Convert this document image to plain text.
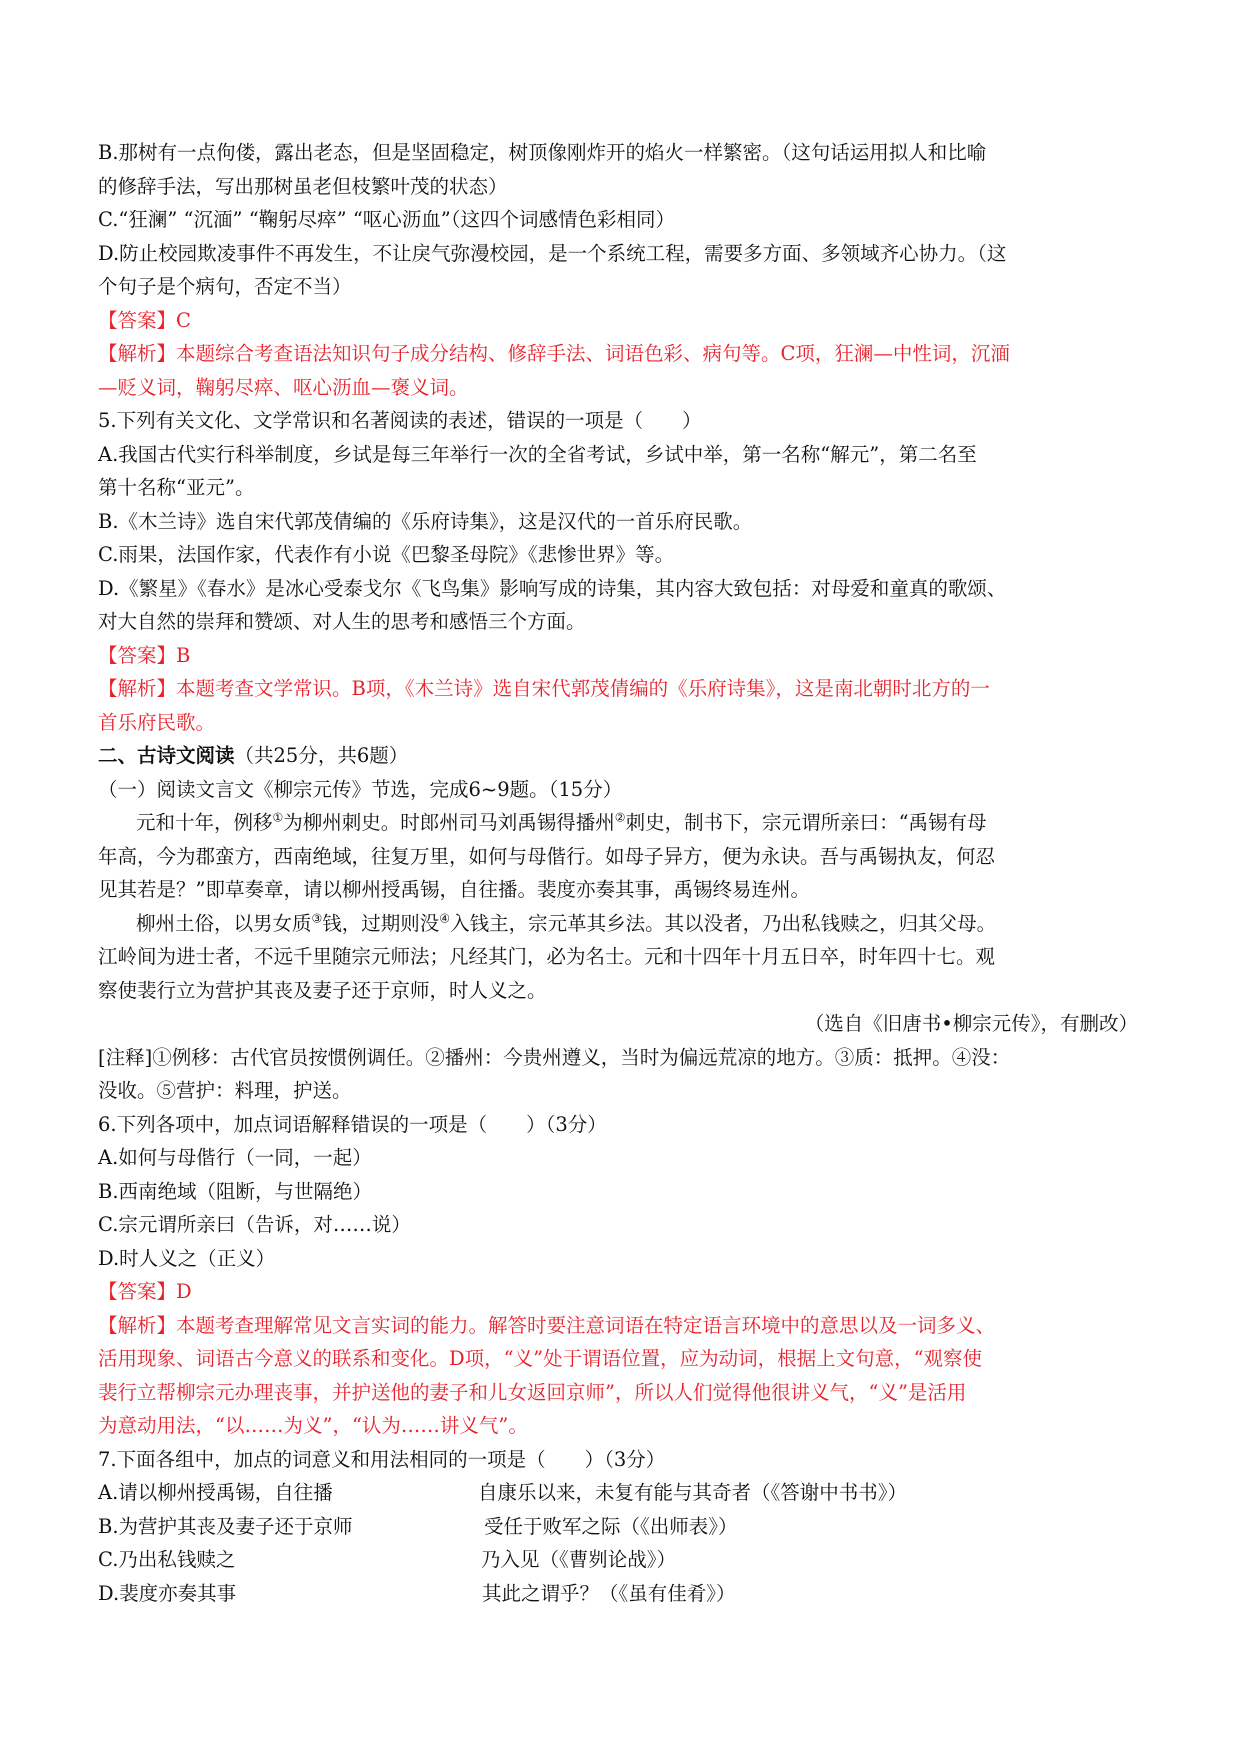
B.那树有一点佝偻，露出老态，但是坚固稳定，树顶像刚炸开的焰火一样繁密。（这句话运用拟人和比喻

的修辞手法，写出那树虽老但枝繁叶茂的状态）

C.“狂澜” “沉湎” “鞠躬尽瘁” “呕心沥血”（这四个词感情色彩相同）

D.防止校园欺凌事件不再发生，不让戾气弥漫校园，是一个系统工程，需要多方面、多领域齐心协力。（这

个句子是个病句，否定不当）

【答案】C

【解析】本题综合考查语法知识句子成分结构、修辞手法、词语色彩、病句等。C项，狂澜—中性词，沉湎

—贬义词，鞠躬尽瘁、呕心沥血—褒义词。

5.下列有关文化、文学常识和名著阅读的表述，错误的一项是（　　）

A.我国古代实行科举制度，乡试是每三年举行一次的全省考试，乡试中举，第一名称“解元”，第二名至

第十名称“亚元”。

B.《木兰诗》选自宋代郭茂倩编的《乐府诗集》，这是汉代的一首乐府民歌。

C.雨果，法国作家，代表作有小说《巴黎圣母院》《悲惨世界》等。

D.《繁星》《春水》是冰心受泰戈尔《飞鸟集》影响写成的诗集，其内容大致包括：对母爱和童真的歌颂、

对大自然的崇拜和赞颂、对人生的思考和感悟三个方面。

【答案】B

【解析】本题考查文学常识。B项，《木兰诗》选自宋代郭茂倩编的《乐府诗集》，这是南北朝时北方的一

首乐府民歌。

二、古诗文阅读（共25分，共6题）

（一）阅读文言文《柳宗元传》节选，完成6~9题。（15分）

元和十年，例移①为柳州刺史。时郎州司马刘禹锡得播州②刺史，制书下，宗元谓所亲曰：“禹锡有母

年高，今为郡蛮方，西南绝域，往复万里，如何与母偕行。如母子异方，便为永诀。吾与禹锡执友，何忍

见其若是？”即草奏章，请以柳州授禹锡，自往播。裴度亦奏其事，禹锡终易连州。

柳州土俗，以男女质③钱，过期则没④入钱主，宗元革其乡法。其以没者，乃出私钱赎之，归其父母。

江岭间为进士者，不远千里随宗元师法；凡经其门，必为名士。元和十四年十月五日卒，时年四十七。观

察使裴行立为营护其丧及妻子还于京师，时人义之。

（选自《旧唐书•柳宗元传》，有删改）

[注释]①例移：古代官员按惯例调任。②播州：今贵州遵义，当时为偏远荒凉的地方。③质：抵押。④没：

没收。⑤营护：料理，护送。

6.下列各项中，加点词语解释错误的一项是（　　）（3分）

A.如何与母偕行（一同，一起）

B.西南绝域（阻断，与世隔绝）

C.宗元谓所亲曰（告诉，对……说）

D.时人义之（正义）

【答案】D

【解析】本题考查理解常见文言实词的能力。解答时要注意词语在特定语言环境中的意思以及一词多义、

活用现象、词语古今意义的联系和变化。D项，“义”处于谓语位置，应为动词，根据上文句意，“观察使

裴行立帮柳宗元办理丧事，并护送他的妻子和儿女返回京师”，所以人们觉得他很讲义气，“义”是活用

为意动用法，“以……为义”，“认为……讲义气”。

7.下面各组中，加点的词意义和用法相同的一项是（　　）（3分）

A.请以柳州授禹锡，自往播	自康乐以来，未复有能与其奇者（《答谢中书书》）
B.为营护其丧及妻子还于京师	受任于败军之际（《出师表》）
C.乃出私钱赎之	乃入见（《曹刿论战》）
D.裴度亦奏其事	其此之谓乎？（《虽有佳肴》）
